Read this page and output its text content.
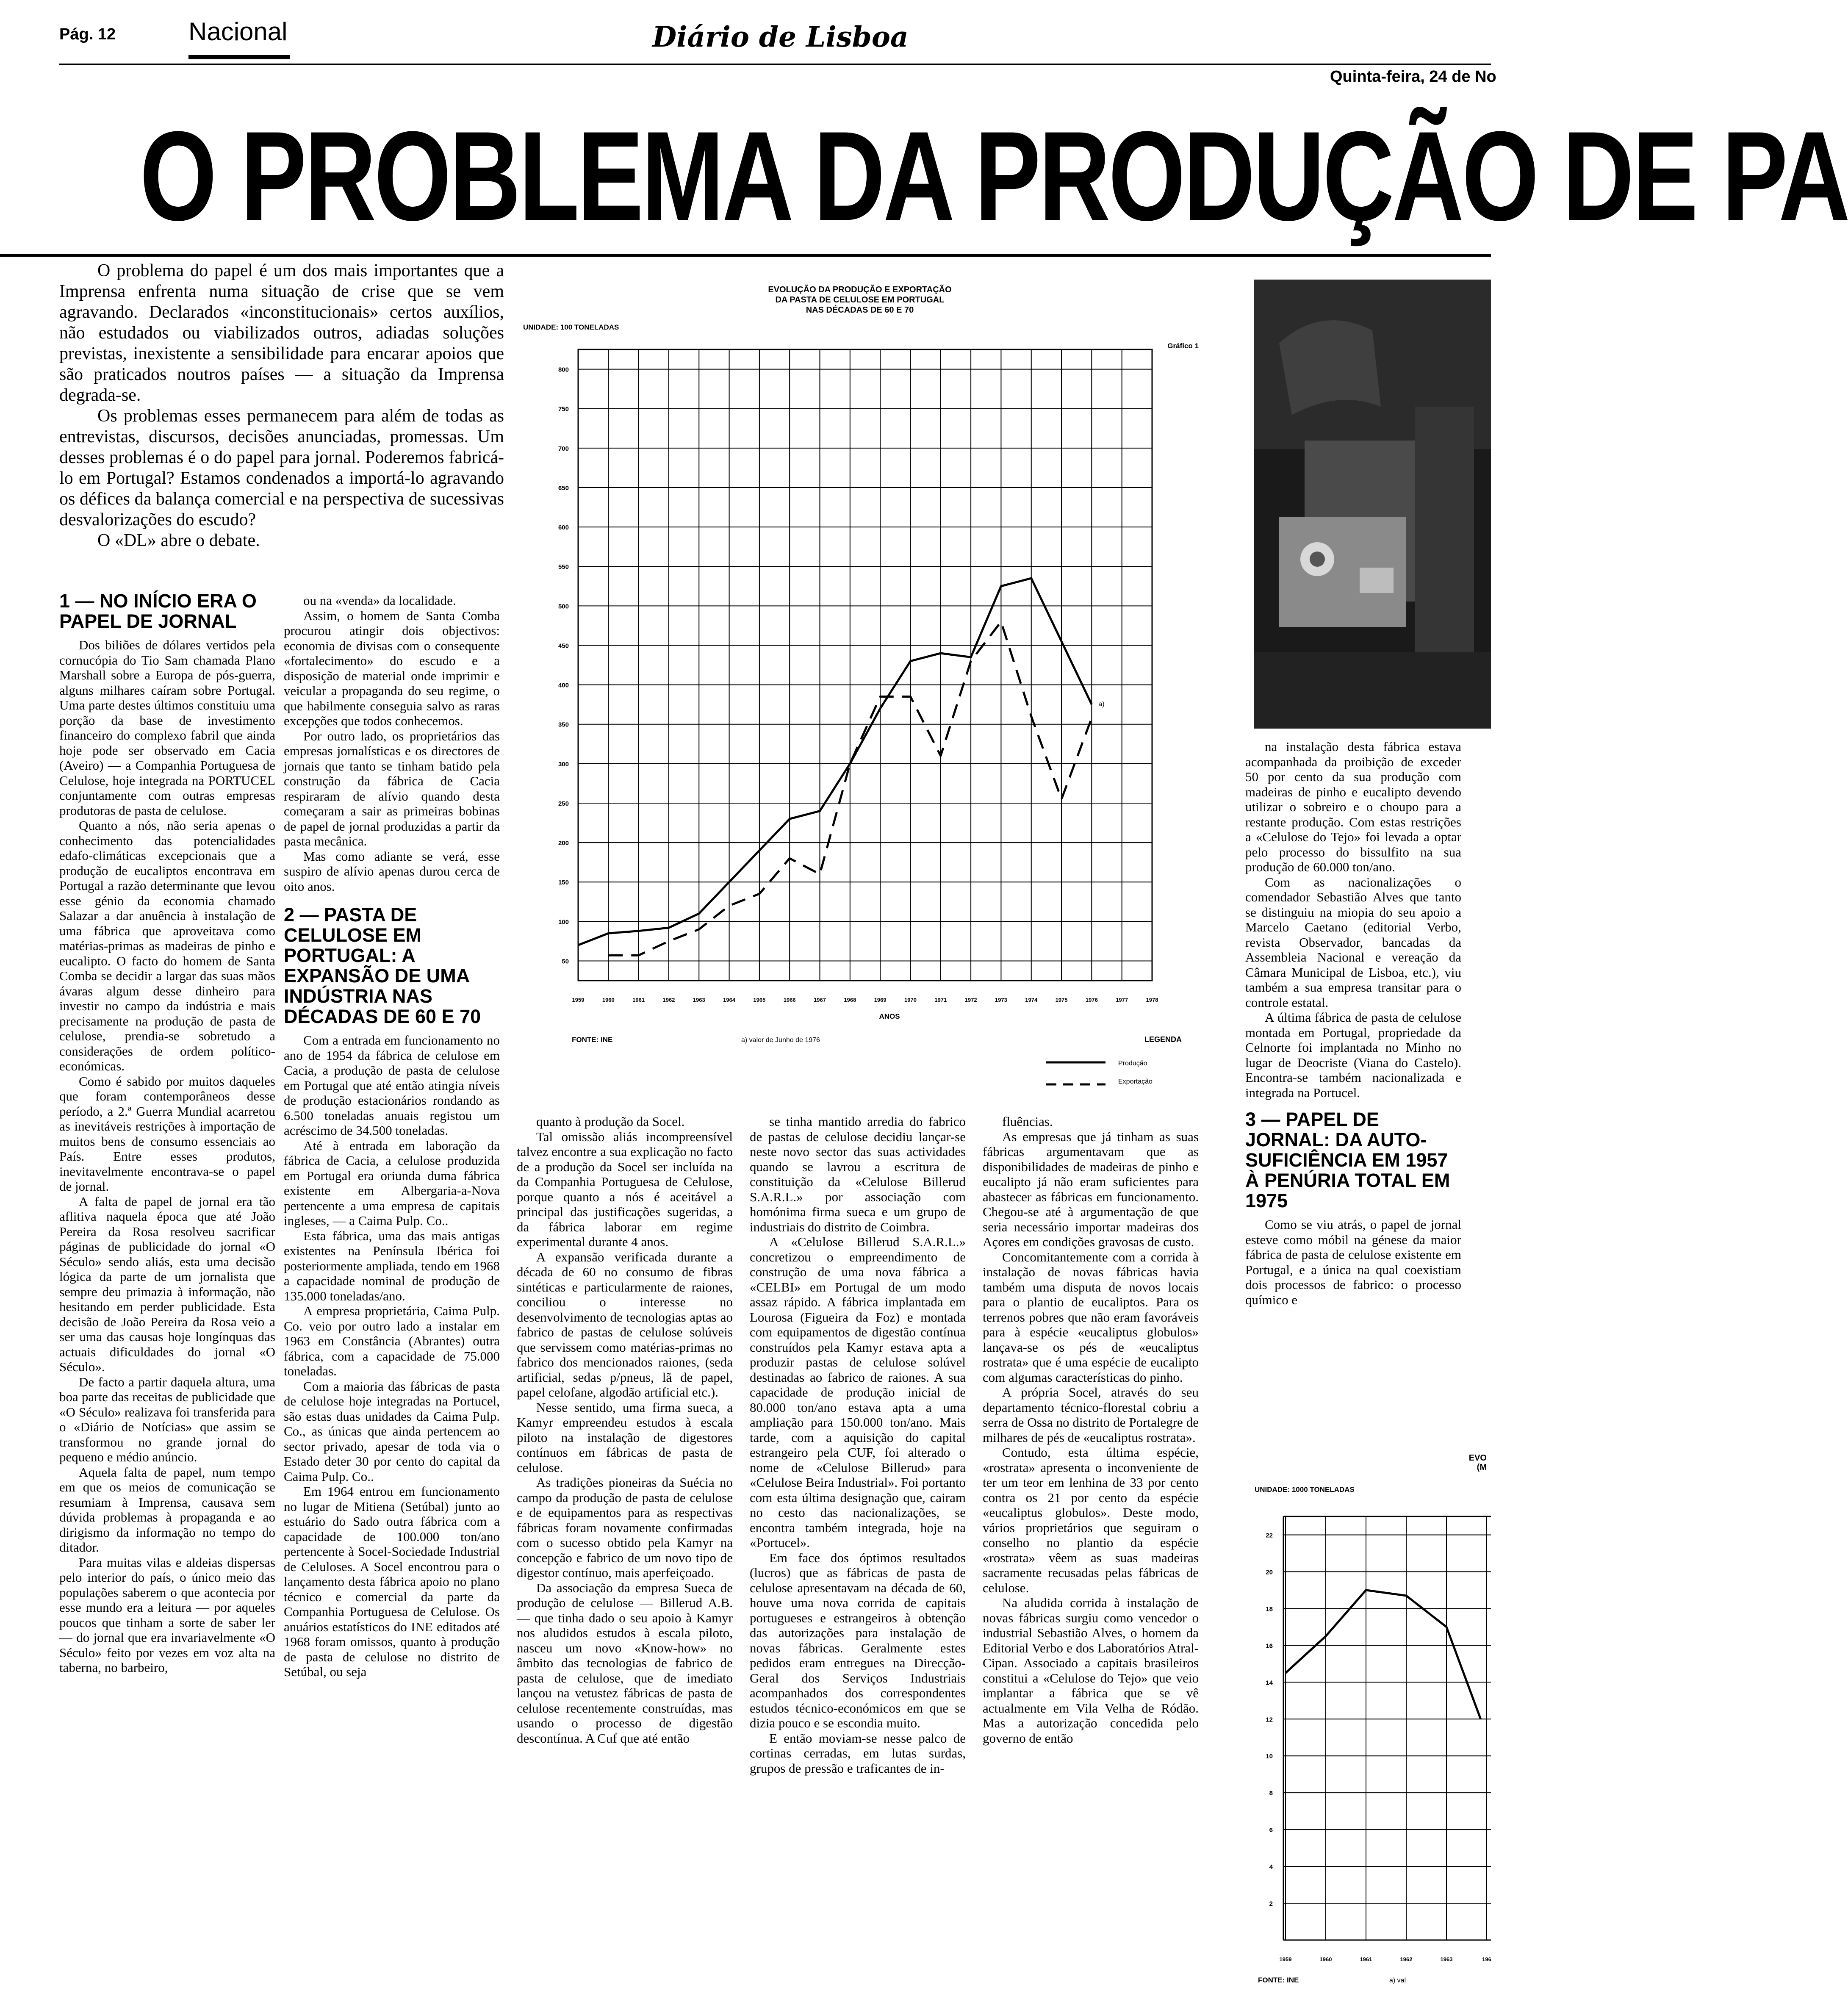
Pág. 12	Nacional	Diário de Lisboa
Quinta-feira, 24 de No
O PROBLEMA DA PRODUÇÃO DE PA

O problema do papel é um dos mais importantes que a Imprensa enfrenta numa situação de crise que se vem agravando. Declarados «inconstitucionais» certos auxílios, não estudados ou viabilizados outros, adiadas soluções previstas, inexistente a sensibilidade para encarar apoios que são praticados noutros países — a situação da Imprensa degrada-se.

Os problemas esses permanecem para além de todas as entrevistas, discursos, decisões anunciadas, promessas. Um desses problemas é o do papel para jornal. Poderemos fabricá-lo em Portugal? Estamos condenados a importá-lo agravando os défices da balança comercial e na perspectiva de sucessivas desvalorizações do escudo?

O «DL» abre o debate.

1 — NO INÍCIO ERA O PAPEL DE JORNAL

Dos biliões de dólares vertidos pela cornucópia do Tio Sam chamada Plano Marshall sobre a Europa de pós-guerra, alguns milhares caíram sobre Portugal. Uma parte destes últimos constituiu uma porção da base de investimento financeiro do complexo fabril que ainda hoje pode ser observado em Cacia (Aveiro) — a Companhia Portuguesa de Celulose, hoje integrada na PORTUCEL conjuntamente com outras empresas produtoras de pasta de celulose.

Quanto a nós, não seria apenas o conhecimento das potencialidades edafo-climáticas excepcionais que a produção de eucaliptos encontrava em Portugal a razão determinante que levou esse génio da economia chamado Salazar a dar anuência à instalação de uma fábrica que aproveitava como matérias-primas as madeiras de pinho e eucalipto. O facto do homem de Santa Comba se decidir a largar das suas mãos ávaras algum desse dinheiro para investir no campo da indústria e mais precisamente na produção de pasta de celulose, prendia-se sobretudo a considerações de ordem político-económicas.

Como é sabido por muitos daqueles que foram contemporâneos desse período, a 2.ª Guerra Mundial acarretou as inevitáveis restrições à importação de muitos bens de consumo essenciais ao País. Entre esses produtos, inevitavelmente encontrava-se o papel de jornal.

A falta de papel de jornal era tão aflitiva naquela época que até João Pereira da Rosa resolveu sacrificar páginas de publicidade do jornal «O Século» sendo aliás, esta uma decisão lógica da parte de um jornalista que sempre deu primazia à informação, não hesitando em perder publicidade. Esta decisão de João Pereira da Rosa veio a ser uma das causas hoje longínquas das actuais dificuldades do jornal «O Século».

De facto a partir daquela altura, uma boa parte das receitas de publicidade que «O Século» realizava foi transferida para o «Diário de Notícias» que assim se transformou no grande jornal do pequeno e médio anúncio.

Aquela falta de papel, num tempo em que os meios de comunicação se resumiam à Imprensa, causava sem dúvida problemas à propaganda e ao dirigismo da informação no tempo do ditador.

Para muitas vilas e aldeias dispersas pelo interior do país, o único meio das populações saberem o que acontecia por esse mundo era a leitura — por aqueles poucos que tinham a sorte de saber ler — do jornal que era invariavelmente «O Século» feito por vezes em voz alta na taberna, no barbeiro,

ou na «venda» da localidade.

Assim, o homem de Santa Comba procurou atingir dois objectivos: economia de divisas com o consequente «fortalecimento» do escudo e a disposição de material onde imprimir e veicular a propaganda do seu regime, o que habilmente conseguia salvo as raras excepções que todos conhecemos.

Por outro lado, os proprietários das empresas jornalísticas e os directores de jornais que tanto se tinham batido pela construção da fábrica de Cacia respiraram de alívio quando desta começaram a sair as primeiras bobinas de papel de jornal produzidas a partir da pasta mecânica.

Mas como adiante se verá, esse suspiro de alívio apenas durou cerca de oito anos.

2 — PASTA DE CELULOSE EM PORTUGAL: A EXPANSÃO DE UMA INDÚSTRIA NAS DÉCADAS DE 60 E 70

Com a entrada em funcionamento no ano de 1954 da fábrica de celulose em Cacia, a produção de pasta de celulose em Portugal que até então atingia níveis de produção estacionários rondando as 6.500 toneladas anuais registou um acréscimo de 34.500 toneladas.

Até à entrada em laboração da fábrica de Cacia, a celulose produzida em Portugal era oriunda duma fábrica existente em Albergaria-a-Nova pertencente a uma empresa de capitais ingleses, — a Caima Pulp. Co..

Esta fábrica, uma das mais antigas existentes na Península Ibérica foi posteriormente ampliada, tendo em 1968 a capacidade nominal de produção de 135.000 toneladas/ano.

A empresa proprietária, Caima Pulp. Co. veio por outro lado a instalar em 1963 em Constância (Abrantes) outra fábrica, com a capacidade de 75.000 toneladas.

Com a maioria das fábricas de pasta de celulose hoje integradas na Portucel, são estas duas unidades da Caima Pulp. Co., as únicas que ainda pertencem ao sector privado, apesar de toda via o Estado deter 30 por cento do capital da Caima Pulp. Co..

Em 1964 entrou em funcionamento no lugar de Mitiena (Setúbal) junto ao estuário do Sado outra fábrica com a capacidade de 100.000 ton/ano pertencente à Socel-Sociedade Industrial de Celuloses. A Socel encontrou para o lançamento desta fábrica apoio no plano técnico e comercial da parte da Companhia Portuguesa de Celulose. Os anuários estatísticos do INE editados até 1968 foram omissos, quanto à produção de pasta de celulose no distrito de Setúbal, ou seja

EVOLUÇÃO DA PRODUÇÃO E EXPORTAÇÃO
DA PASTA DE CELULOSE EM PORTUGAL
NAS DÉCADAS DE 60 E 70
UNIDADE: 100 TONELADAS
Gráfico 1
50
100
150
200
250
300
350
400
450
500
550
600
650
700
750
800
1959	1960	1961	1962	1963	1964	1965	1966	1967	1968	1969	1970	1971	1972	1973	1974	1975	1976	1977	1978
ANOS
FONTE: INE	a) valor de Junho de 1976
a)
LEGENDA
Produção
Exportação

quanto à produção da Socel.

Tal omissão aliás incompreensível talvez encontre a sua explicação no facto de a produção da Socel ser incluída na da Companhia Portuguesa de Celulose, porque quanto a nós é aceitável a principal das justificações sugeridas, a da fábrica laborar em regime experimental durante 4 anos.

A expansão verificada durante a década de 60 no consumo de fibras sintéticas e particularmente de raiones, conciliou o interesse no desenvolvimento de tecnologias aptas ao fabrico de pastas de celulose solúveis que servissem como matérias-primas no fabrico dos mencionados raiones, (seda artificial, sedas p/pneus, lã de papel, papel celofane, algodão artificial etc.).

Nesse sentido, uma firma sueca, a Kamyr empreendeu estudos à escala piloto na instalação de digestores contínuos em fábricas de pasta de celulose.

As tradições pioneiras da Suécia no campo da produção de pasta de celulose e de equipamentos para as respectivas fábricas foram novamente confirmadas com o sucesso obtido pela Kamyr na concepção e fabrico de um novo tipo de digestor contínuo, mais aperfeiçoado.

Da associação da empresa Sueca de produção de celulose — Billerud A.B. — que tinha dado o seu apoio à Kamyr nos aludidos estudos à escala piloto, nasceu um novo «Know-how» no âmbito das tecnologias de fabrico de pasta de celulose, que de imediato lançou na vetustez fábricas de pasta de celulose recentemente construídas, mas usando o processo de digestão descontínua. A Cuf que até então

se tinha mantido arredia do fabrico de pastas de celulose decidiu lançar-se neste novo sector das suas actividades quando se lavrou a escritura de constituição da «Celulose Billerud S.A.R.L.» por associação com homónima firma sueca e um grupo de industriais do distrito de Coimbra.

A «Celulose Billerud S.A.R.L.» concretizou o empreendimento de construção de uma nova fábrica a «CELBI» em Portugal de um modo assaz rápido. A fábrica implantada em Lourosa (Figueira da Foz) e montada com equipamentos de digestão contínua construídos pela Kamyr estava apta a produzir pastas de celulose solúvel destinadas ao fabrico de raiones. A sua capacidade de produção inicial de 80.000 ton/ano estava apta a uma ampliação para 150.000 ton/ano. Mais tarde, com a aquisição do capital estrangeiro pela CUF, foi alterado o nome de «Celulose Billerud» para «Celulose Beira Industrial». Foi portanto com esta última designação que, cairam no cesto das nacionalizações, se encontra também integrada, hoje na «Portucel».

Em face dos óptimos resultados (lucros) que as fábricas de pasta de celulose apresentavam na década de 60, houve uma nova corrida de capitais portugueses e estrangeiros à obtenção das autorizações para instalação de novas fábricas. Geralmente estes pedidos eram entregues na Direcção-Geral dos Serviços Industriais acompanhados dos correspondentes estudos técnico-económicos em que se dizia pouco e se escondia muito.

E então moviam-se nesse palco de cortinas cerradas, em lutas surdas, grupos de pressão e traficantes de in-

fluências.

As empresas que já tinham as suas fábricas argumentavam que as disponibilidades de madeiras de pinho e eucalipto já não eram suficientes para abastecer as fábricas em funcionamento. Chegou-se até à argumentação de que seria necessário importar madeiras dos Açores em condições gravosas de custo.

Concomitantemente com a corrida à instalação de novas fábricas havia também uma disputa de novos locais para o plantio de eucaliptos. Para os terrenos pobres que não eram favoráveis para à espécie «eucaliptus globulos» lançava-se os pés de «eucaliptus rostrata» que é uma espécie de eucalipto com algumas características do pinho.

A própria Socel, através do seu departamento técnico-florestal cobriu a serra de Ossa no distrito de Portalegre de milhares de pés de «eucaliptus rostrata».

Contudo, esta última espécie, «rostrata» apresenta o inconveniente de ter um teor em lenhina de 33 por cento contra os 21 por cento da espécie «eucaliptus globulos». Deste modo, vários proprietários que seguiram o conselho no plantio da espécie «rostrata» vêem as suas madeiras sacramente recusadas pelas fábricas de celulose.

Na aludida corrida à instalação de novas fábricas surgiu como vencedor o industrial Sebastião Alves, o homem da Editorial Verbo e dos Laboratórios Atral-Cipan. Associado a capitais brasileiros constitui a «Celulose do Tejo» que veio implantar a fábrica que se vê actualmente em Vila Velha de Ródão. Mas a autorização concedida pelo governo de então

na instalação desta fábrica estava acompanhada da proibição de exceder 50 por cento da sua produção com madeiras de pinho e eucalipto devendo utilizar o sobreiro e o choupo para a restante produção. Com estas restrições a «Celulose do Tejo» foi levada a optar pelo processo do bissulfito na sua produção de 60.000 ton/ano.

Com as nacionalizações o comendador Sebastião Alves que tanto se distinguiu na miopia do seu apoio a Marcelo Caetano (editorial Verbo, revista Observador, bancadas da Assembleia Nacional e vereação da Câmara Municipal de Lisboa, etc.), viu também a sua empresa transitar para o controle estatal.

A última fábrica de pasta de celulose montada em Portugal, propriedade da Celnorte foi implantada no Minho no lugar de Deocriste (Viana do Castelo). Encontra-se também nacionalizada e integrada na Portucel.

3 — PAPEL DE JORNAL: DA AUTO-SUFICIÊNCIA EM 1957 À PENÚRIA TOTAL EM 1975

Como se viu atrás, o papel de jornal esteve como móbil na génese da maior fábrica de pasta de celulose existente em Portugal, e a única na qual coexistiam dois processos de fabrico: o processo químico e

EVO
(M
UNIDADE: 1000 TONELADAS
2
4
6
8
10
12
14
16
18
20
22
1959	1960	1961	1962	1963	196
FONTE: INE	a) val
